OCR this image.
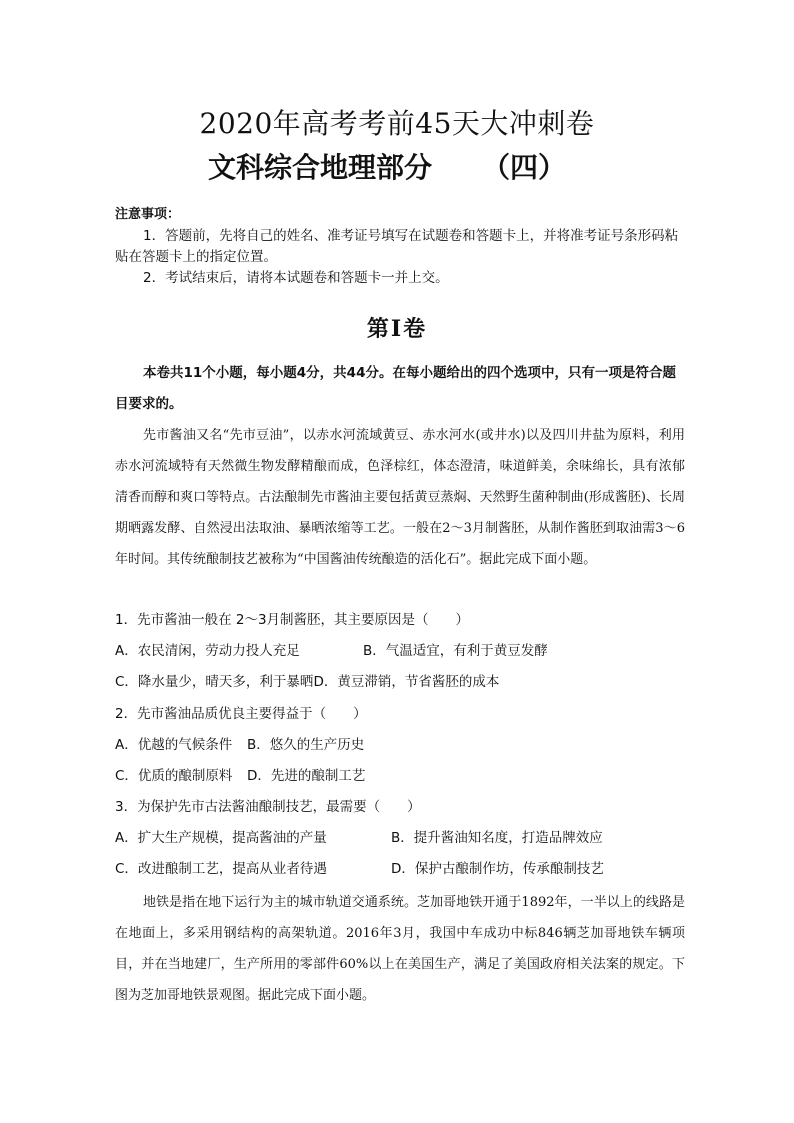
2020年高考考前45天大冲刺卷
文科综合地理部分 （四）
注意事项：
1．答题前，先将自己的姓名、准考证号填写在试题卷和答题卡上，并将准考证号条形码粘贴在答题卡上的指定位置。
2．考试结束后，请将本试题卷和答题卡一并上交。
第Ⅰ卷
本卷共11个小题，每小题4分，共44分。在每小题给出的四个选项中，只有一项是符合题目要求的。
先市酱油又名“先市豆油”，以赤水河流域黄豆、赤水河水(或井水)以及四川井盐为原料，利用赤水河流域特有天然微生物发酵精酿而成，色泽棕红，体态澄清，味道鲜美，余味绵长，具有浓郁清香而醇和爽口等特点。古法酿制先市酱油主要包括黄豆蒸焖、天然野生菌种制曲(形成酱胚)、长周期晒露发酵、自然浸出法取油、暴晒浓缩等工艺。一般在2～3月制酱胚，从制作酱胚到取油需3～6年时间。其传统酿制技艺被称为“中国酱油传统酿造的活化石”。据此完成下面小题。
1．先市酱油一般在 2～3月制酱胚，其主要原因是（　　）
A．农民清闲，劳动力投人充足	B．气温适宜，有利于黄豆发酵
C．降水量少，晴天多，利于暴晒D．黄豆滞销，节省酱胚的成本
2．先市酱油品质优良主要得益于（　　）
A．优越的气候条件 B．悠久的生产历史
C．优质的酿制原料 D．先进的酿制工艺
3．为保护先市古法酱油酿制技艺，最需要（　　）
A．扩大生产规模，提高酱油的产量	B．提升酱油知名度，打造品牌效应
C．改进酿制工艺，提高从业者待遇	D．保护古酿制作坊，传承酿制技艺
地铁是指在地下运行为主的城市轨道交通系统。芝加哥地铁开通于1892年，一半以上的线路是在地面上，多采用钢结构的高架轨道。2016年3月，我国中车成功中标846辆芝加哥地铁车辆项目，并在当地建厂，生产所用的零部件60%以上在美国生产，满足了美国政府相关法案的规定。下图为芝加哥地铁景观图。据此完成下面小题。
